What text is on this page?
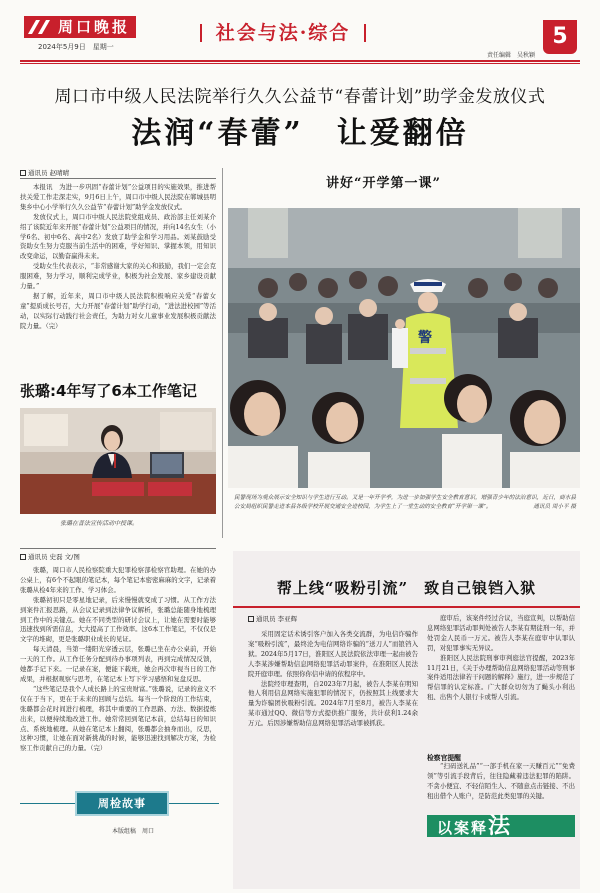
周口晚报
2024年5月9日　星期一
社会与法·综合
责任编辑　吴秋颖
5
周口市中级人民法院举行久久公益节“春蕾计划”助学金发放仪式
法润“春蕾”　让爱翻倍
通讯员 赵晴晴

本报讯　为进一步巩固“春蕾计划”公益项目的实施效果，推进帮扶关爱工作走深走实，9月6日上午，周口市中级人民法院在郸城县明集乡中心小学举行久久公益节“春蕾计划”助学金发放仪式。

发放仪式上，周口市中级人民法院党组成员、政治部主任刘某介绍了该院近年来开展“春蕾计划”公益项目的情况，并向14名女生（小学6名、初中6名、高中2名）发放了助学金和学习用品。刘某鼓励受资助女生努力克服当前生活中的困难，学好知识、掌握本领，用知识改变命运，以勤奋赢得未来。

受助女生代表表示，“非常感谢大家的关心和鼓励，我们一定会克服困难，努力学习，顺利完成学业，积极为社会发展、家乡建设贡献力量。”

据了解，近年来，周口市中级人民法院积极响应关爱“春蕾女童”提质成长号召，大力开展“春蕾计划”助学行动，“进法进校园”等活动，以实际行动践行社会责任，为助力对女儿童事业发展积极贡献法院力量。（完）

张璐:4年写了6本工作笔记
张璐在普法宣传活动中授课。
通讯员 史磊 文/图

张璐，周口市人民检察院重大犯罪检察部检察官助理。在她的办公桌上，有6个不起眼的笔记本，每个笔记本密密麻麻的文字，记录着张璐从检4年来的工作、学习体会。

张璐初初只是零星地记录，后来慢慢就变成了习惯。从工作方法到案件汇报思路，从会议记录到法律争议解析，张璐总能随身地梳理到工作中的关键点。她在不同类型的研讨会议上，让她在需要时能够迅速找到所需信息，大大提高了工作效率。这6本工作笔记，不仅仅是文字的堆砌，更是张璐职业成长的见证。

每天清晨，当第一缕阳光穿透云层，张璐已坐在办公桌前，开始一天的工作。从工作任务分配到待办事项列表，再到完成情况反馈，她都手记下来。一记录在案，便能下载班，她会再次审视当日的工作成果，并根据观察与思考，在笔记本上写下学习感悟和复盘反思。

“这些笔记是我个人成长路上的宝贵财富。”张璐说，记录的意义不仅在于当下，更在于未来的回顾与总结。每当一个阶段的工作结束，张璐都会花时间进行梳理，将其中重要的工作思路、方法、数据提炼出来，以便持续地改进工作。她常常回到笔记本前，总结每日的知识点、系统地梳理。从她在笔记本上翻阅，张璐都会抽身而出，反思，这种习惯，让她在面对新挑战的时候，能够迅速找到解决方案，为检察工作贡献自己的力量。（完）

周检故事
本版组稿　周口
讲好“开学第一课”
警
民警现场为观众展示安全知识与学生进行互动。又是一年开学季，为进一步加强学生安全教育意识，增强青少年的法治意识，近日，商水县公安局组织民警走进本县各级学校开展交通安全进校园，为学生上了一堂生动的安全教育“开学第一课”。	通讯员 周小平 摄
帮上线“吸粉引流”　致自己锒铛入狱
通讯员 李亚辉

采用固定话术诱引客户加入各类交流群，为电信诈骗作案“吸粉引流”，最终沦为电信网络诈骗的“送刀人”而锒铛入狱。2024年5月17日，淮阳区人民法院依法审理一起由被告人李某涉嫌帮助信息网络犯罪活动罪案件，在淮阳区人民法院开庭审理。依照你你信申请的依程序中。

法院经审理查明，自2023年7月起，被告人李某在明知他人利用信息网络实施犯罪的情况下，仍按照其上线要求大量为诈骗团伙吸粉引流。2024年7月至8月，被告人李某在某市通过QQ、微信等方式提供推广服务，共计获利1.24余万元。后因涉嫌帮助信息网络犯罪活动罪被抓获。

庭审后，该案件经过合议，当庭宣判，以帮助信息网络犯罪活动罪判处被告人李某有期徒刑一年，并处罚金人民币一万元。被告人李某在庭审中认罪认罚，对犯罪事实无异议。

淮阳区人民法院刑事审判庭法官提醒，2023年11月21日，《关于办理帮助信息网络犯罪活动等刑事案件适用法律若干问题的解释》施行，进一步规范了帮信罪的认定标准。广大群众切勿为了蝇头小利出租、出售个人银行卡或帮人引流。

检察官提醒

“扫码送礼品”“一部手机在家一天赚百元”“免费领”等引流手段背后，往往隐藏着违法犯罪的陷阱。不贪小便宜、不轻信陌生人、不随意点击链接、不出租出借个人账户，是防范此类犯罪的关键。

以案释法
